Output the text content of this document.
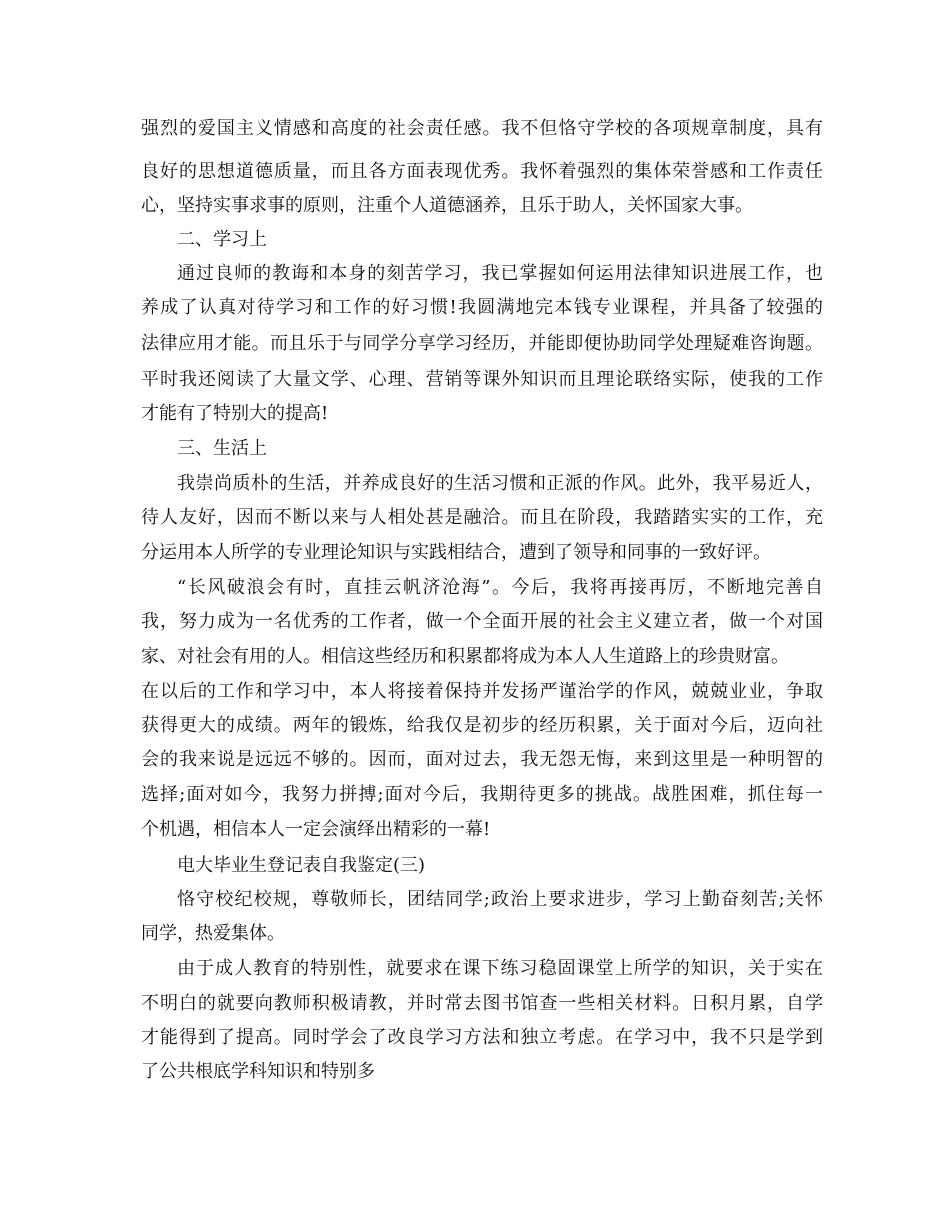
强烈的爱国主义情感和高度的社会责任感。我不但恪守学校的各项规章制度，具有
良好的思想道德质量，而且各方面表现优秀。我怀着强烈的集体荣誉感和工作责任
心，坚持实事求事的原则，注重个人道德涵养，且乐于助人，关怀国家大事。
二、学习上
通过良师的教诲和本身的刻苦学习，我已掌握如何运用法律知识进展工作，也
养成了认真对待学习和工作的好习惯!我圆满地完本钱专业课程，并具备了较强的
法律应用才能。而且乐于与同学分享学习经历，并能即便协助同学处理疑难咨询题。
平时我还阅读了大量文学、心理、营销等课外知识而且理论联络实际，使我的工作
才能有了特别大的提高!
三、生活上
我崇尚质朴的生活，并养成良好的生活习惯和正派的作风。此外，我平易近人，
待人友好，因而不断以来与人相处甚是融洽。而且在阶段，我踏踏实实的工作，充
分运用本人所学的专业理论知识与实践相结合，遭到了领导和同事的一致好评。
“长风破浪会有时，直挂云帆济沧海”。今后，我将再接再厉，不断地完善自
我，努力成为一名优秀的工作者，做一个全面开展的社会主义建立者，做一个对国
家、对社会有用的人。相信这些经历和积累都将成为本人人生道路上的珍贵财富。
在以后的工作和学习中，本人将接着保持并发扬严谨治学的作风，兢兢业业，争取
获得更大的成绩。两年的锻炼，给我仅是初步的经历积累，关于面对今后，迈向社
会的我来说是远远不够的。因而，面对过去，我无怨无悔，来到这里是一种明智的
选择;面对如今，我努力拼搏;面对今后，我期待更多的挑战。战胜困难，抓住每一
个机遇，相信本人一定会演绎出精彩的一幕!
电大毕业生登记表自我鉴定(三)
恪守校纪校规，尊敬师长，团结同学;政治上要求进步，学习上勤奋刻苦;关怀
同学，热爱集体。
由于成人教育的特别性，就要求在课下练习稳固课堂上所学的知识，关于实在
不明白的就要向教师积极请教，并时常去图书馆查一些相关材料。日积月累，自学
才能得到了提高。同时学会了改良学习方法和独立考虑。在学习中，我不只是学到
了公共根底学科知识和特别多
